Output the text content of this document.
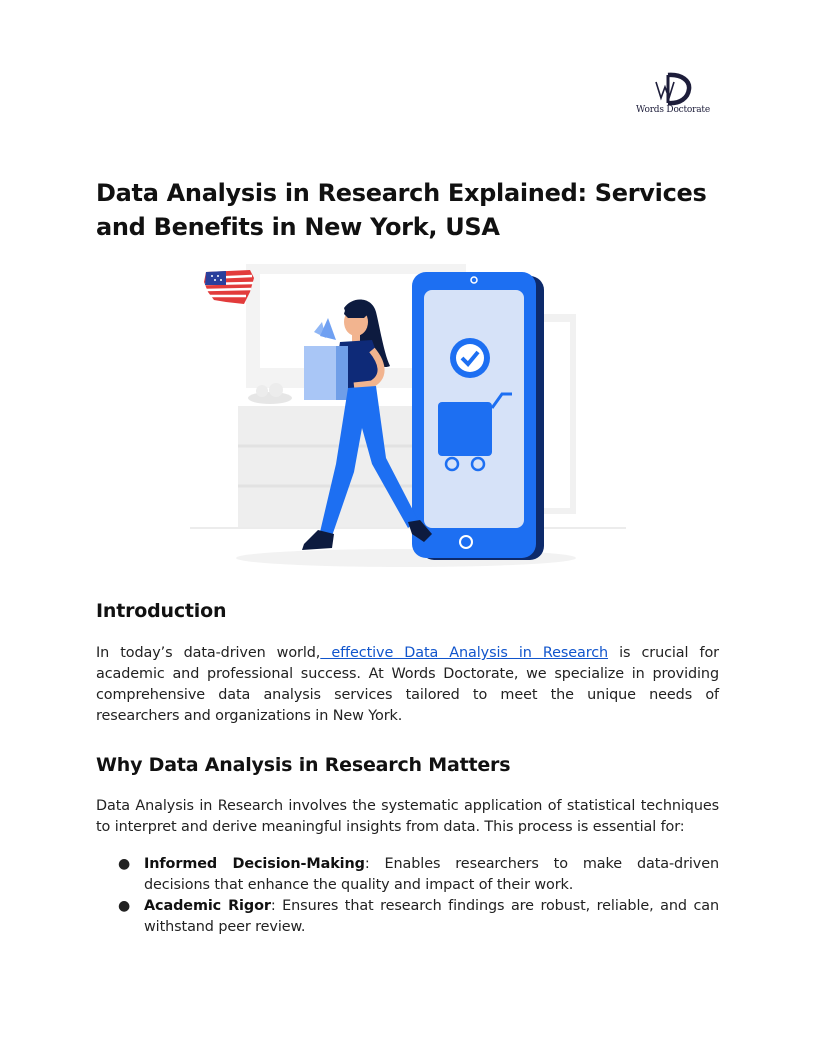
Words Doctorate
Data Analysis in Research Explained: Services and Benefits in New York, USA
Introduction

In today’s data-driven world, effective Data Analysis in Research is crucial for academic and professional success. At Words Doctorate, we specialize in providing comprehensive data analysis services tailored to meet the unique needs of researchers and organizations in New York.

Why Data Analysis in Research Matters

Data Analysis in Research involves the systematic application of statistical techniques to interpret and derive meaningful insights from data. This process is essential for:

● Informed Decision-Making: Enables researchers to make data-driven decisions that enhance the quality and impact of their work.
● Academic Rigor: Ensures that research findings are robust, reliable, and can withstand peer review.
